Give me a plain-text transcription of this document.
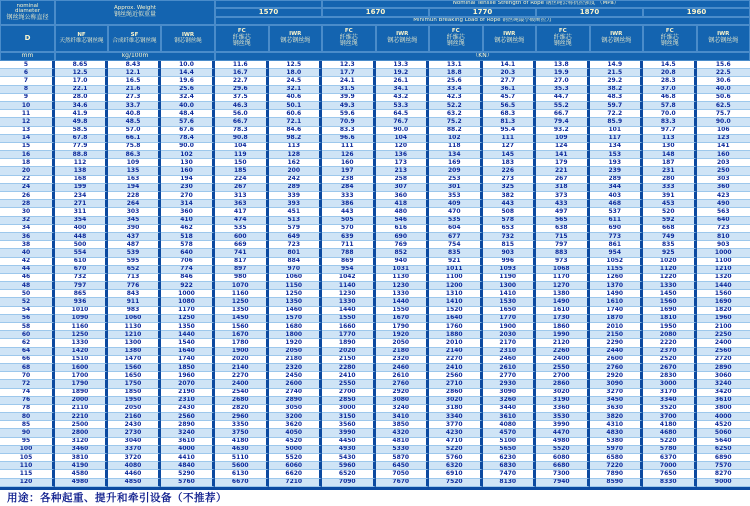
nominal
diameter
钢丝绳公称直径
Approx. Weight
钢丝绳近似重量
Nominal Tensile Strength of Rope 钢丝绳公称抗拉强度 （MPa）
1570	1670	1770	1870	1960
Minimun Breaking Load of Rope 钢丝绳最小破断拉力
D	NF
天然纤维芯钢丝绳
SF
合成纤维芯钢丝绳
IWR
钢芯钢丝绳
mm	kg/100m	（KN）
FC
纤维芯
钢丝绳
IWR
钢芯钢丝绳
FC
纤维芯
钢丝绳
IWR
钢芯钢丝绳
FC
纤维芯
钢丝绳
IWR
钢芯钢丝绳
FC
纤维芯
钢丝绳
IWR
钢芯钢丝绳
FC
纤维芯
钢丝绳
IWR
钢芯钢丝绳
5	8.65	8.43	10.0	11.6	12.5	12.3	13.3	13.1	14.1	13.8	14.9	14.5	15.6
6	12.5	12.1	14.4	16.7	18.0	17.7	19.2	18.8	20.3	19.9	21.5	20.8	22.5
7	17.0	16.5	19.6	22.7	24.5	24.1	26.1	25.6	27.7	27.0	29.2	28.3	30.6
8	22.1	21.6	25.6	29.6	32.1	31.5	34.1	33.4	36.1	35.3	38.2	37.0	40.0
9	28.0	27.3	32.4	37.5	40.6	39.9	43.2	42.3	45.7	44.7	48.3	46.8	50.6
10	34.6	33.7	40.0	46.3	50.1	49.3	53.3	52.2	56.5	55.2	59.7	57.8	62.5
11	41.9	40.8	48.4	56.0	60.6	59.6	64.5	63.2	68.3	66.7	72.2	70.0	75.7
12	49.8	48.5	57.6	66.7	72.1	70.9	76.7	75.2	81.3	79.4	85.9	83.3	90.0
13	58.5	57.0	67.6	78.3	84.6	83.3	90.0	88.2	95.4	93.2	101	97.7	106
14	67.8	66.1	78.4	90.8	98.2	96.6	104	102	111	109	117	113	123
15	77.9	75.8	90.0	104	113	111	120	118	127	124	134	130	141
16	88.8	86.3	102	119	128	126	136	134	145	141	153	148	160
18	112	109	130	150	162	160	173	169	183	179	193	187	203
20	138	135	160	185	200	197	213	209	226	221	239	231	250
22	168	163	194	224	242	238	258	253	273	267	289	280	303
24	199	194	230	267	289	284	307	301	325	318	344	333	360
26	234	228	270	313	339	333	360	353	382	373	403	391	423
28	271	264	314	363	393	386	418	409	443	433	468	453	490
30	311	303	360	417	451	443	480	470	508	497	537	520	563
32	354	345	410	474	513	505	546	535	578	565	611	592	640
34	400	390	462	535	579	570	616	604	653	638	690	668	723
36	448	437	518	600	649	639	690	677	732	715	773	749	810
38	500	487	578	669	723	711	769	754	815	797	861	835	903
40	554	539	640	741	801	788	852	835	903	883	954	925	1000
42	610	595	706	817	884	869	940	921	996	973	1052	1020	1100
44	670	652	774	897	970	954	1031	1011	1093	1068	1155	1120	1210
46	732	713	846	980	1060	1042	1130	1100	1190	1170	1260	1220	1320
48	797	776	922	1070	1150	1140	1230	1200	1300	1270	1370	1330	1440
50	865	843	1000	1160	1250	1230	1330	1310	1410	1380	1490	1450	1560
52	936	911	1080	1250	1350	1330	1440	1410	1530	1490	1610	1560	1690
54	1010	983	1170	1350	1460	1440	1550	1520	1650	1610	1740	1690	1820
56	1090	1060	1250	1450	1570	1550	1670	1640	1770	1730	1870	1810	1960
58	1160	1130	1350	1560	1680	1660	1790	1760	1900	1860	2010	1950	2100
60	1250	1210	1440	1670	1800	1770	1920	1880	2030	1990	2150	2080	2250
62	1330	1300	1540	1780	1920	1890	2050	2010	2170	2120	2290	2220	2400
64	1420	1380	1640	1900	2050	2020	2180	2140	2310	2260	2440	2370	2560
66	1510	1470	1740	2020	2180	2150	2320	2270	2460	2400	2600	2520	2720
68	1600	1560	1850	2140	2320	2280	2460	2410	2610	2550	2760	2670	2890
70	1700	1650	1960	2270	2450	2410	2610	2560	2770	2700	2920	2830	3060
72	1790	1750	2070	2400	2600	2550	2760	2710	2930	2860	3090	3000	3240
74	1890	1850	2190	2540	2740	2700	2920	2860	3090	3020	3270	3170	3420
76	2000	1950	2310	2680	2890	2850	3080	3020	3260	3190	3450	3340	3610
78	2110	2050	2430	2820	3050	3000	3240	3180	3440	3360	3630	3520	3800
80	2210	2160	2560	2960	3200	3150	3410	3340	3610	3530	3820	3700	4000
85	2500	2430	2890	3350	3620	3560	3850	3770	4080	3990	4310	4180	4520
90	2800	2730	3240	3750	4050	3990	4320	4230	4570	4470	4830	4680	5060
95	3120	3040	3610	4180	4520	4450	4810	4710	5100	4980	5380	5220	5640
100	3460	3370	4000	4630	5000	4930	5330	5220	5650	5520	5970	5780	6250
105	3810	3720	4410	5110	5520	5430	5870	5760	6230	6080	6580	6370	6890
110	4190	4080	4840	5600	6060	5960	6450	6320	6830	6680	7220	7000	7570
115	4580	4460	5290	6130	6620	6520	7050	6910	7470	7300	7890	7650	8270
120	4980	4850	5760	6670	7210	7090	7670	7520	8130	7940	8590	8330	9000
用途：各种起重、提升和牵引设备（不推荐）
